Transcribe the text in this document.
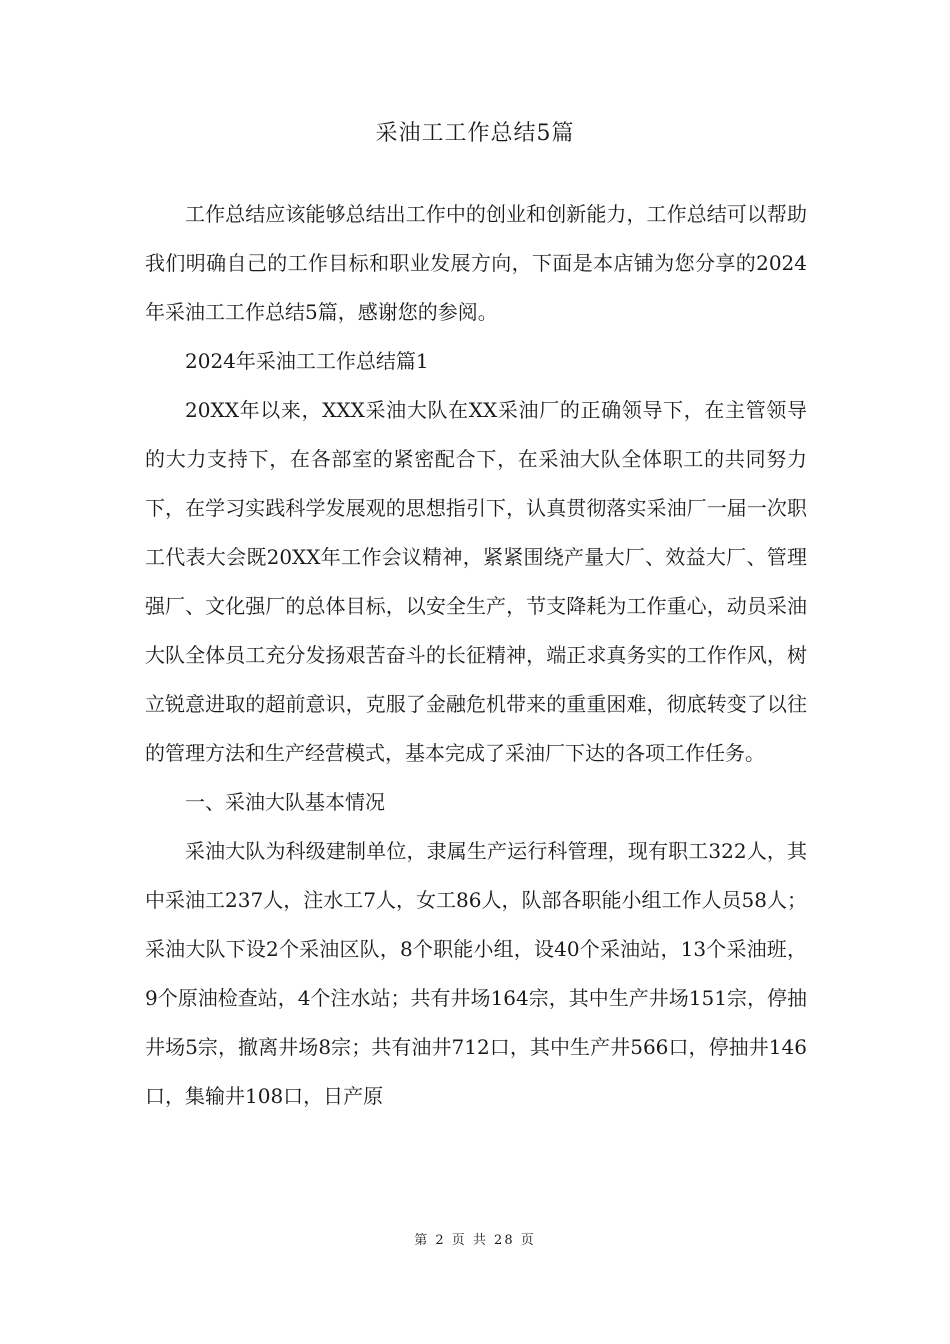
采油工工作总结5篇

工作总结应该能够总结出工作中的创业和创新能力，工作总结可以帮助我们明确自己的工作目标和职业发展方向，下面是本店铺为您分享的2024年采油工工作总结5篇，感谢您的参阅。

2024年采油工工作总结篇1

20XX年以来，XXX采油大队在XX采油厂的正确领导下，在主管领导的大力支持下，在各部室的紧密配合下，在采油大队全体职工的共同努力下，在学习实践科学发展观的思想指引下，认真贯彻落实采油厂一届一次职工代表大会既20XX年工作会议精神，紧紧围绕产量大厂、效益大厂、管理强厂、文化强厂的总体目标，以安全生产，节支降耗为工作重心，动员采油大队全体员工充分发扬艰苦奋斗的长征精神，端正求真务实的工作作风，树立锐意进取的超前意识，克服了金融危机带来的重重困难，彻底转变了以往的管理方法和生产经营模式，基本完成了采油厂下达的各项工作任务。

一、采油大队基本情况

采油大队为科级建制单位，隶属生产运行科管理，现有职工322人，其中采油工237人，注水工7人，女工86人，队部各职能小组工作人员58人；采油大队下设2个采油区队，8个职能小组，设40个采油站，13个采油班，9个原油检查站，4个注水站；共有井场164宗，其中生产井场151宗，停抽井场5宗，撤离井场8宗；共有油井712口，其中生产井566口，停抽井146口，集输井108口，日产原

第 2 页 共 28 页
